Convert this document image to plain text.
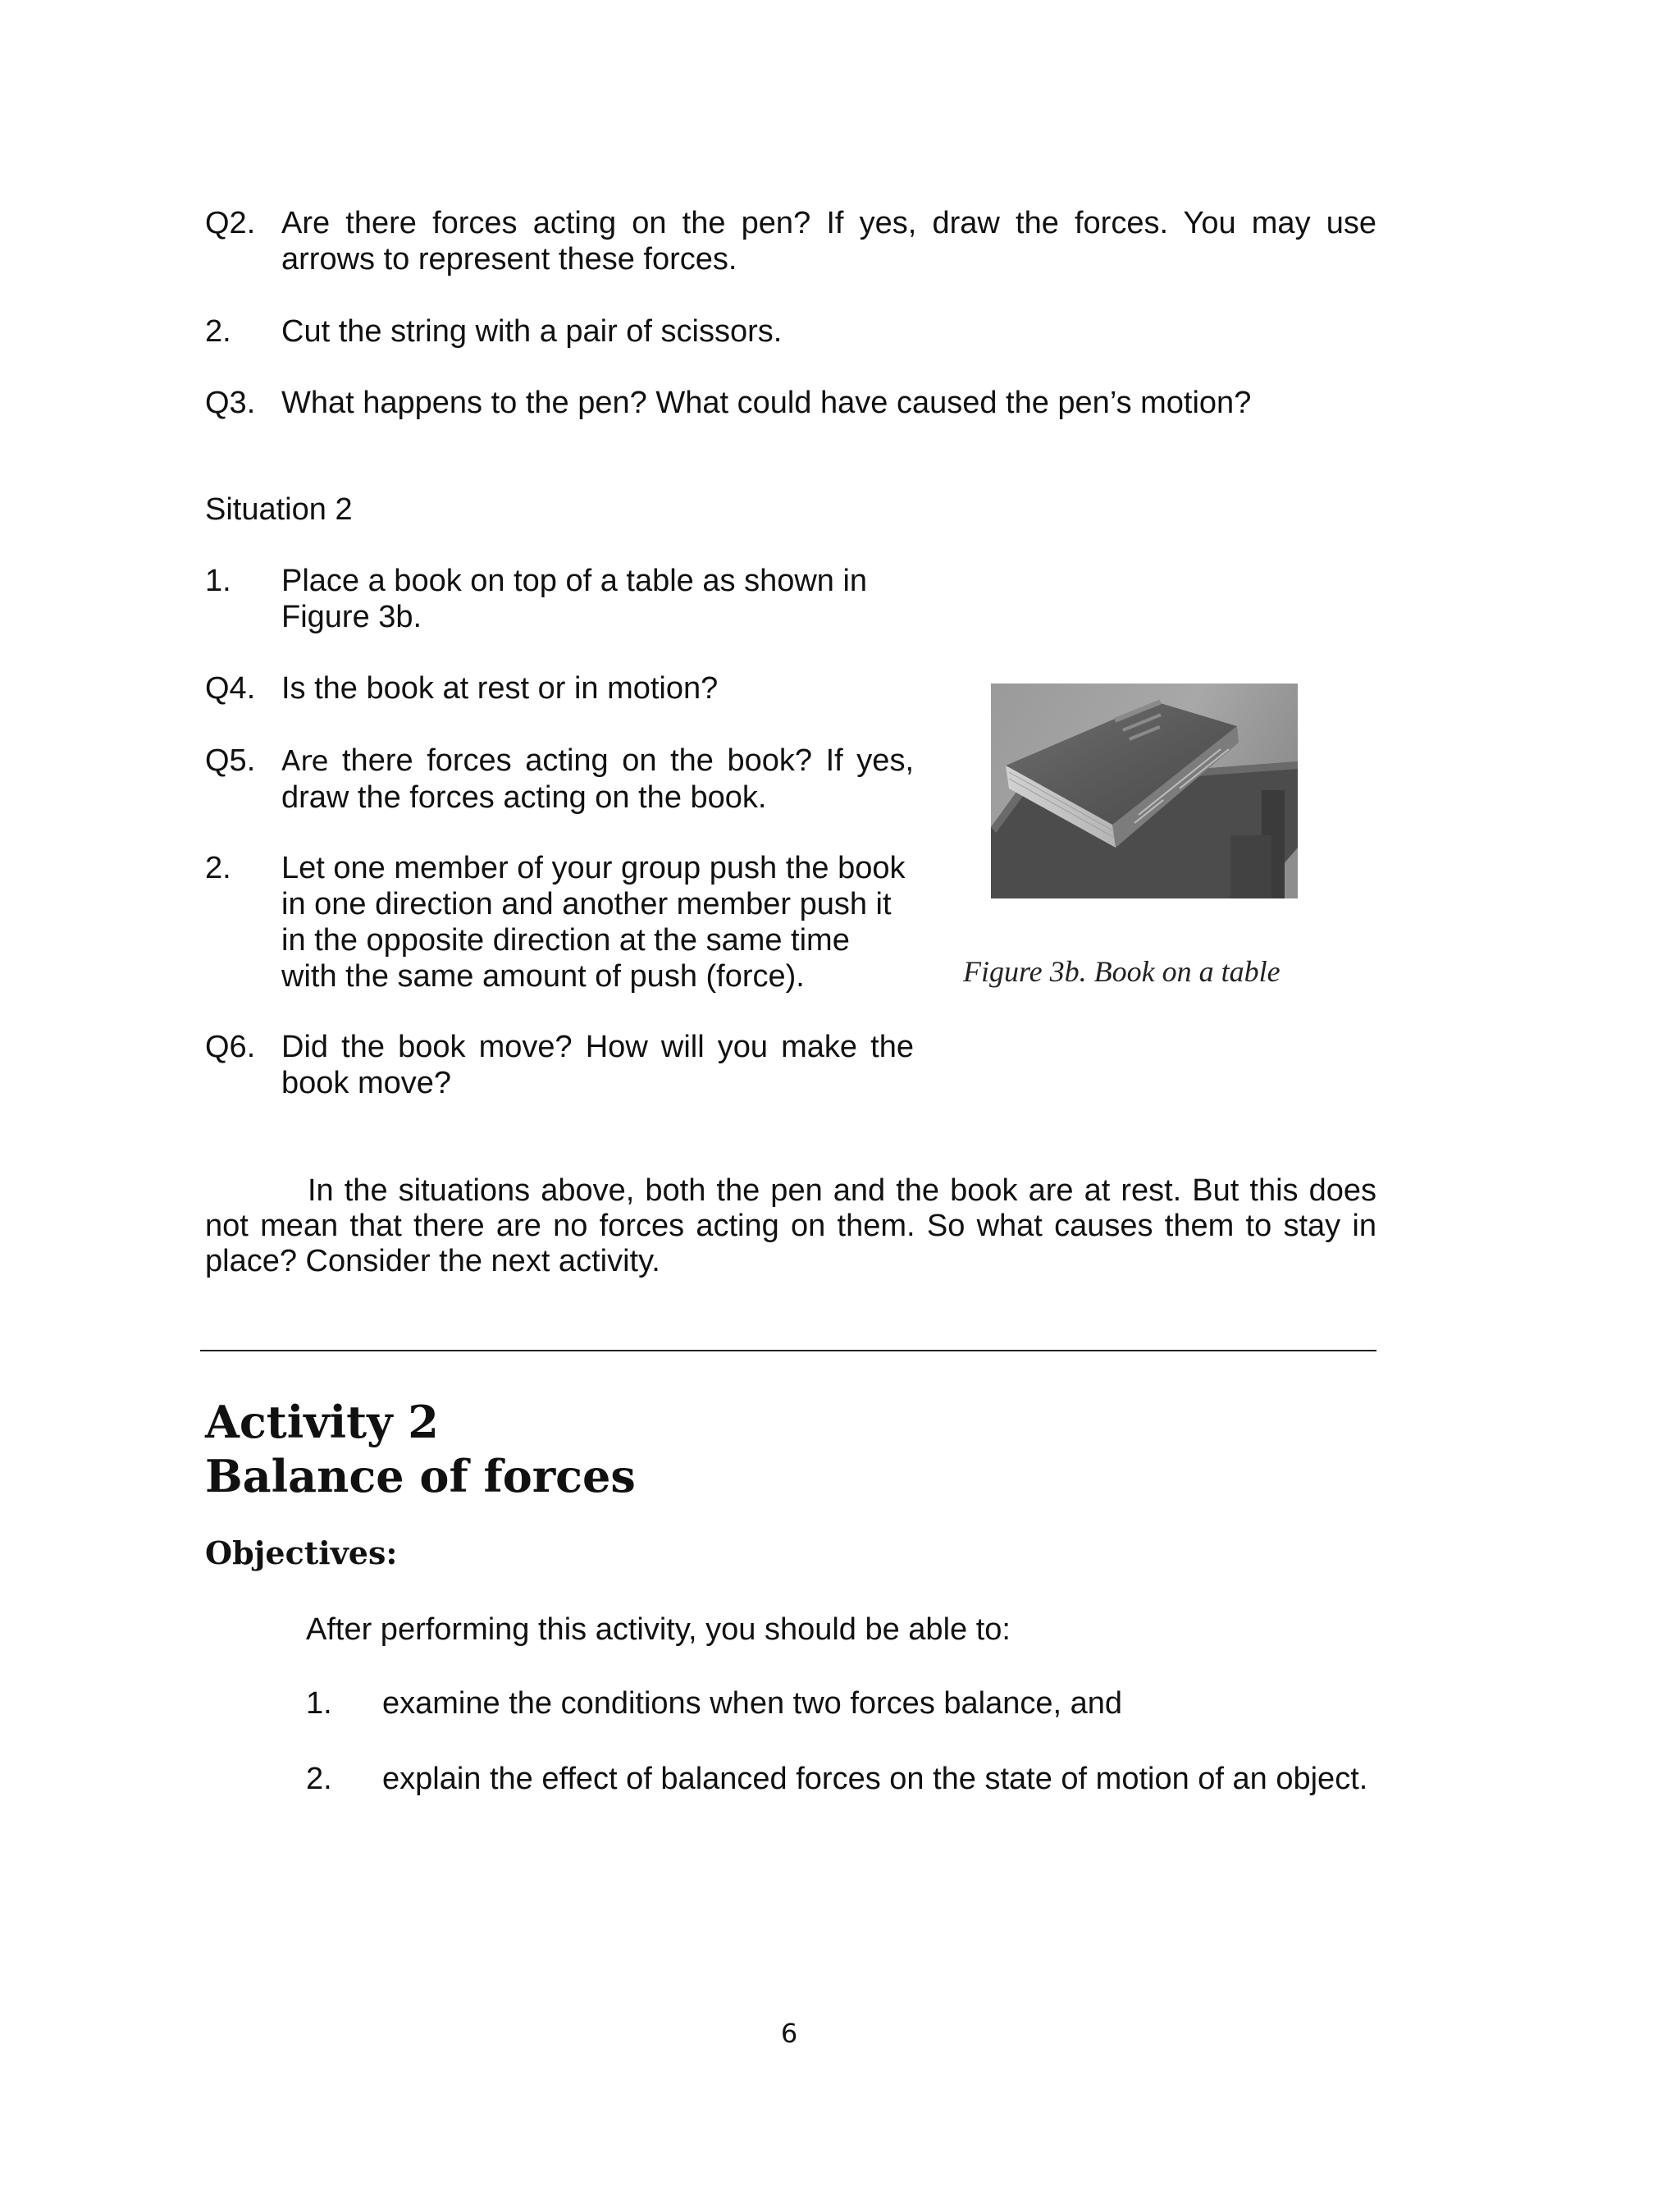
Q2. Are there forces acting on the pen? If yes, draw the forces. You may use arrows to represent these forces.
2. Cut the string with a pair of scissors.
Q3. What happens to the pen? What could have caused the pen’s motion?
Situation 2
1. Place a book on top of a table as shown in Figure 3b.
Q4. Is the book at rest or in motion?
Q5. Are there forces acting on the book? If yes, draw the forces acting on the book.
2. Let one member of your group push the book in one direction and another member push it in the opposite direction at the same time with the same amount of push (force).
Q6. Did the book move? How will you make the book move?
Figure 3b. Book on a table
In the situations above, both the pen and the book are at rest. But this does not mean that there are no forces acting on them. So what causes them to stay in place? Consider the next activity.
Activity 2
Balance of forces
Objectives:
After performing this activity, you should be able to:
1. examine the conditions when two forces balance, and
2. explain the effect of balanced forces on the state of motion of an object.
6
